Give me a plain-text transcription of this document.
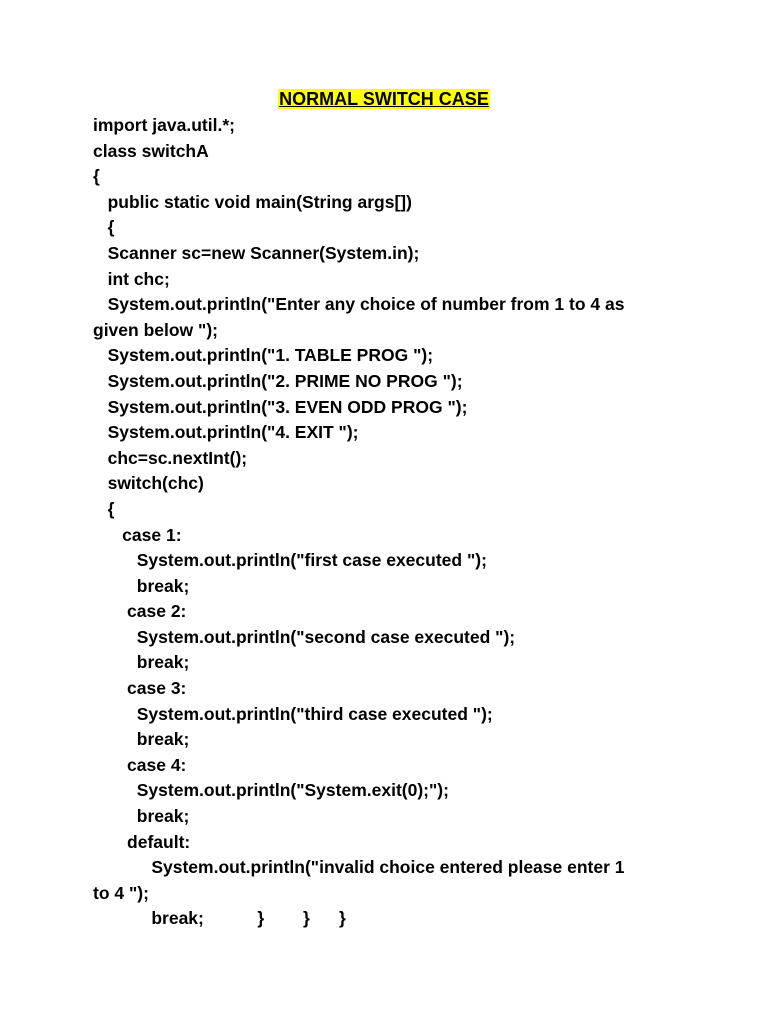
NORMAL SWITCH CASE
import java.util.*;
class switchA
{
public static void main(String args[])
{
Scanner sc=new Scanner(System.in);
int chc;
System.out.println("Enter any choice of number from 1 to 4 as
given below ");
System.out.println("1. TABLE PROG ");
System.out.println("2. PRIME NO PROG ");
System.out.println("3. EVEN ODD PROG ");
System.out.println("4. EXIT ");
chc=sc.nextInt();
switch(chc)
{
case 1:
System.out.println("first case executed ");
break;
case 2:
System.out.println("second case executed ");
break;
case 3:
System.out.println("third case executed ");
break;
case 4:
System.out.println("System.exit(0);");
break;
default:
System.out.println("invalid choice entered please enter 1
to 4 ");
break;           }        }      }
